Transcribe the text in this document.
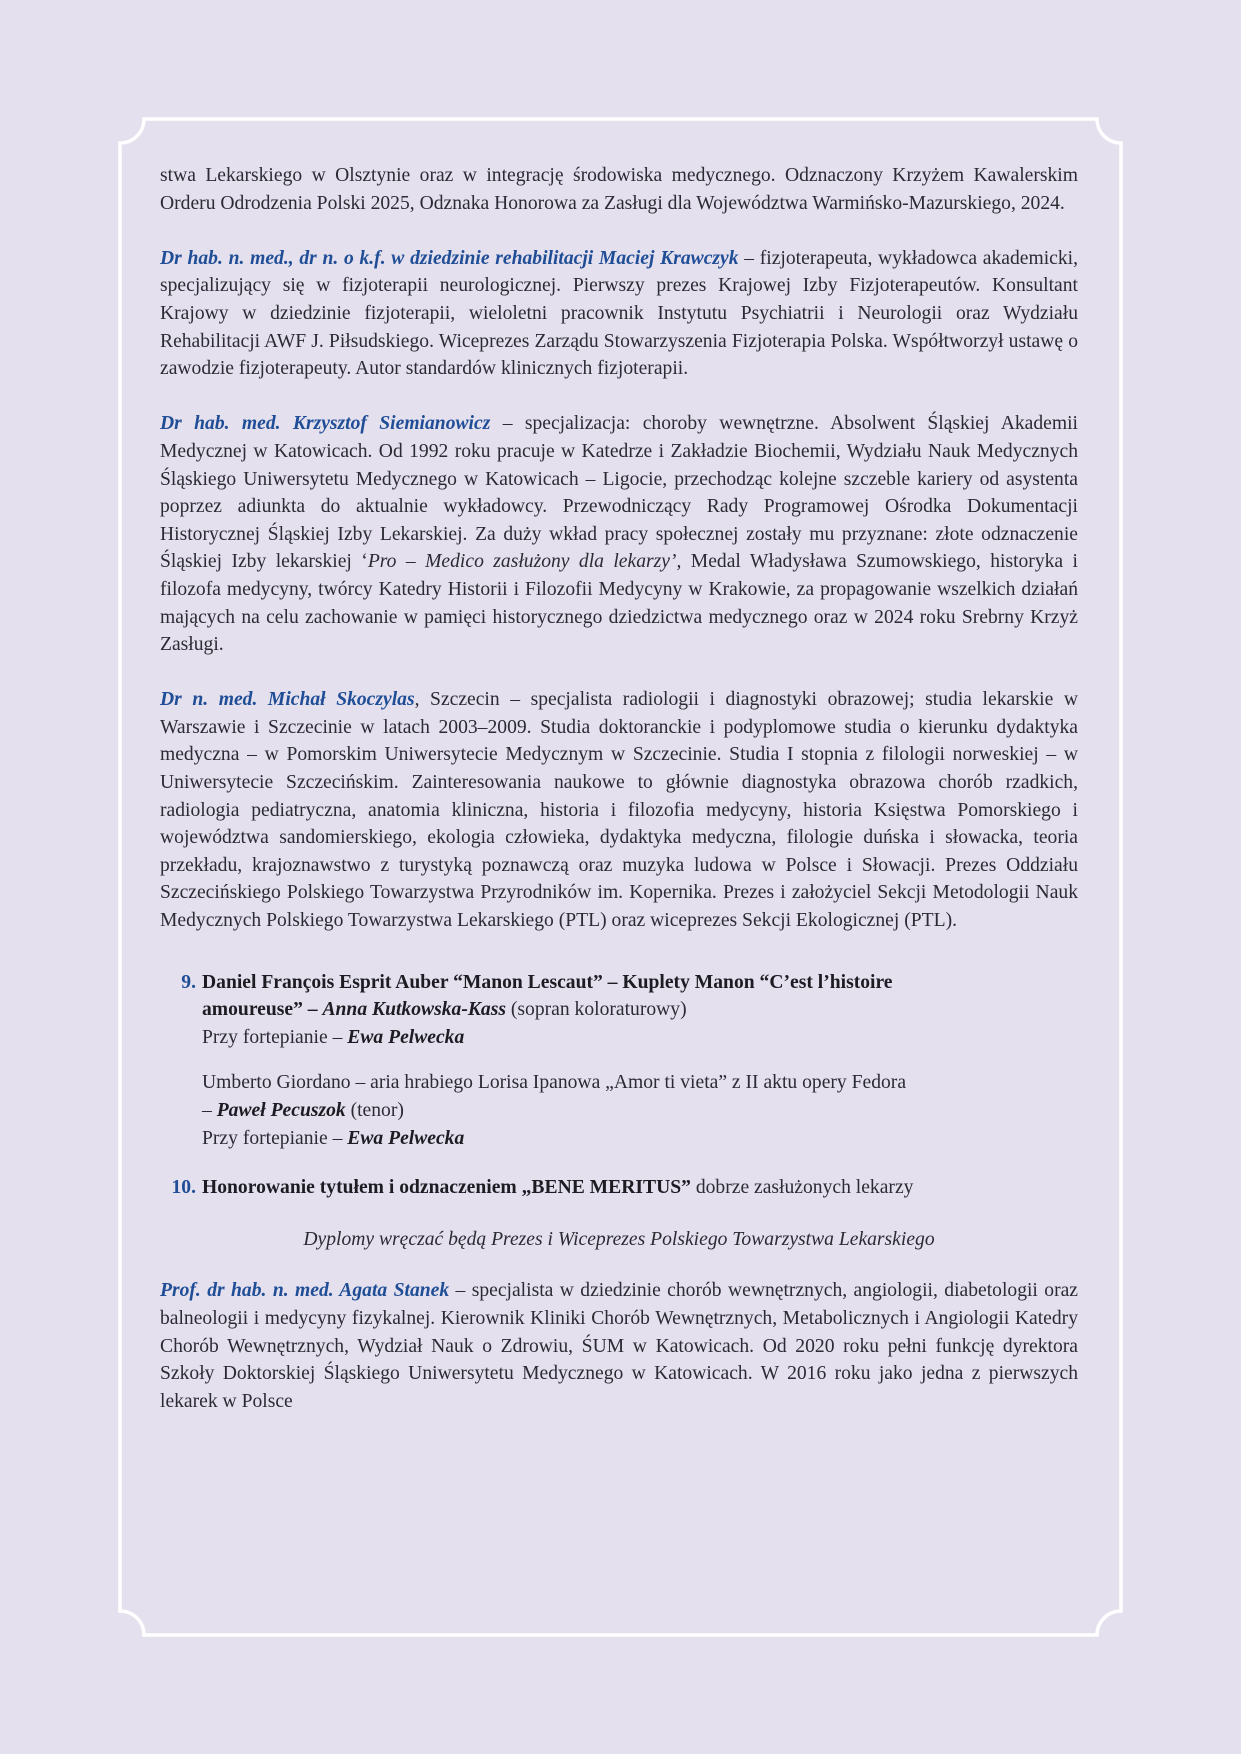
stwa Lekarskiego w Olsztynie oraz w integrację środowiska medycznego. Odznaczony Krzyżem Kawalerskim Orderu Odrodzenia Polski 2025, Odznaka Honorowa za Zasługi dla Województwa Warmińsko-Mazurskiego, 2024.

Dr hab. n. med., dr n. o k.f. w dziedzinie rehabilitacji Maciej Krawczyk – fizjoterapeuta, wykładowca akademicki, specjalizujący się w fizjoterapii neurologicznej. Pierwszy prezes Krajowej Izby Fizjoterapeutów. Konsultant Krajowy w dziedzinie fizjoterapii, wieloletni pracownik Instytutu Psychiatrii i Neurologii oraz Wydziału Rehabilitacji AWF J. Piłsudskiego. Wiceprezes Zarządu Stowarzyszenia Fizjoterapia Polska. Współtworzył ustawę o zawodzie fizjoterapeuty. Autor standardów klinicznych fizjoterapii.

Dr hab. med. Krzysztof Siemianowicz – specjalizacja: choroby wewnętrzne. Absolwent Śląskiej Akademii Medycznej w Katowicach. Od 1992 roku pracuje w Katedrze i Zakładzie Biochemii, Wydziału Nauk Medycznych Śląskiego Uniwersytetu Medycznego w Katowicach – Ligocie, przechodząc kolejne szczeble kariery od asystenta poprzez adiunkta do aktualnie wykładowcy. Przewodniczący Rady Programowej Ośrodka Dokumentacji Historycznej Śląskiej Izby Lekarskiej. Za duży wkład pracy społecznej zostały mu przyznane: złote odznaczenie Śląskiej Izby lekarskiej ‘Pro – Medico zasłużony dla lekarzy’, Medal Władysława Szumowskiego, historyka i filozofa medycyny, twórcy Katedry Historii i Filozofii Medycyny w Krakowie, za propagowanie wszelkich działań mających na celu zachowanie w pamięci historycznego dziedzictwa medycznego oraz w 2024 roku Srebrny Krzyż Zasługi.

Dr n. med. Michał Skoczylas, Szczecin – specjalista radiologii i diagnostyki obrazowej; studia lekarskie w Warszawie i Szczecinie w latach 2003–2009. Studia doktoranckie i podyplomowe studia o kierunku dydaktyka medyczna – w Pomorskim Uniwersytecie Medycznym w Szczecinie. Studia I stopnia z filologii norweskiej – w Uniwersytecie Szczecińskim. Zainteresowania naukowe to głównie diagnostyka obrazowa chorób rzadkich, radiologia pediatryczna, anatomia kliniczna, historia i filozofia medycyny, historia Księstwa Pomorskiego i województwa sandomierskiego, ekologia człowieka, dydaktyka medyczna, filologie duńska i słowacka, teoria przekładu, krajoznawstwo z turystyką poznawczą oraz muzyka ludowa w Polsce i Słowacji. Prezes Oddziału Szczecińskiego Polskiego Towarzystwa Przyrodników im. Kopernika. Prezes i założyciel Sekcji Metodologii Nauk Medycznych Polskiego Towarzystwa Lekarskiego (PTL) oraz wiceprezes Sekcji Ekologicznej (PTL).

9. Daniel François Esprit Auber “Manon Lescaut” – Kuplety Manon “C’est l’histoire
amoureuse” – Anna Kutkowska-Kass (sopran koloraturowy)
Przy fortepianie – Ewa Pelwecka
Umberto Giordano – aria hrabiego Lorisa Ipanowa „Amor ti vieta” z II aktu opery Fedora
– Paweł Pecuszok (tenor)
Przy fortepianie – Ewa Pelwecka
10. Honorowanie tytułem i odznaczeniem „BENE MERITUS” dobrze zasłużonych lekarzy
Dyplomy wręczać będą Prezes i Wiceprezes Polskiego Towarzystwa Lekarskiego

Prof. dr hab. n. med. Agata Stanek – specjalista w dziedzinie chorób wewnętrznych, angiologii, diabetologii oraz balneologii i medycyny fizykalnej. Kierownik Kliniki Chorób Wewnętrznych, Metabolicznych i Angiologii Katedry Chorób Wewnętrznych, Wydział Nauk o Zdrowiu, ŚUM w Katowicach. Od 2020 roku pełni funkcję dyrektora Szkoły Doktorskiej Śląskiego Uniwersytetu Medycznego w Katowicach. W 2016 roku jako jedna z pierwszych lekarek w Polsce
